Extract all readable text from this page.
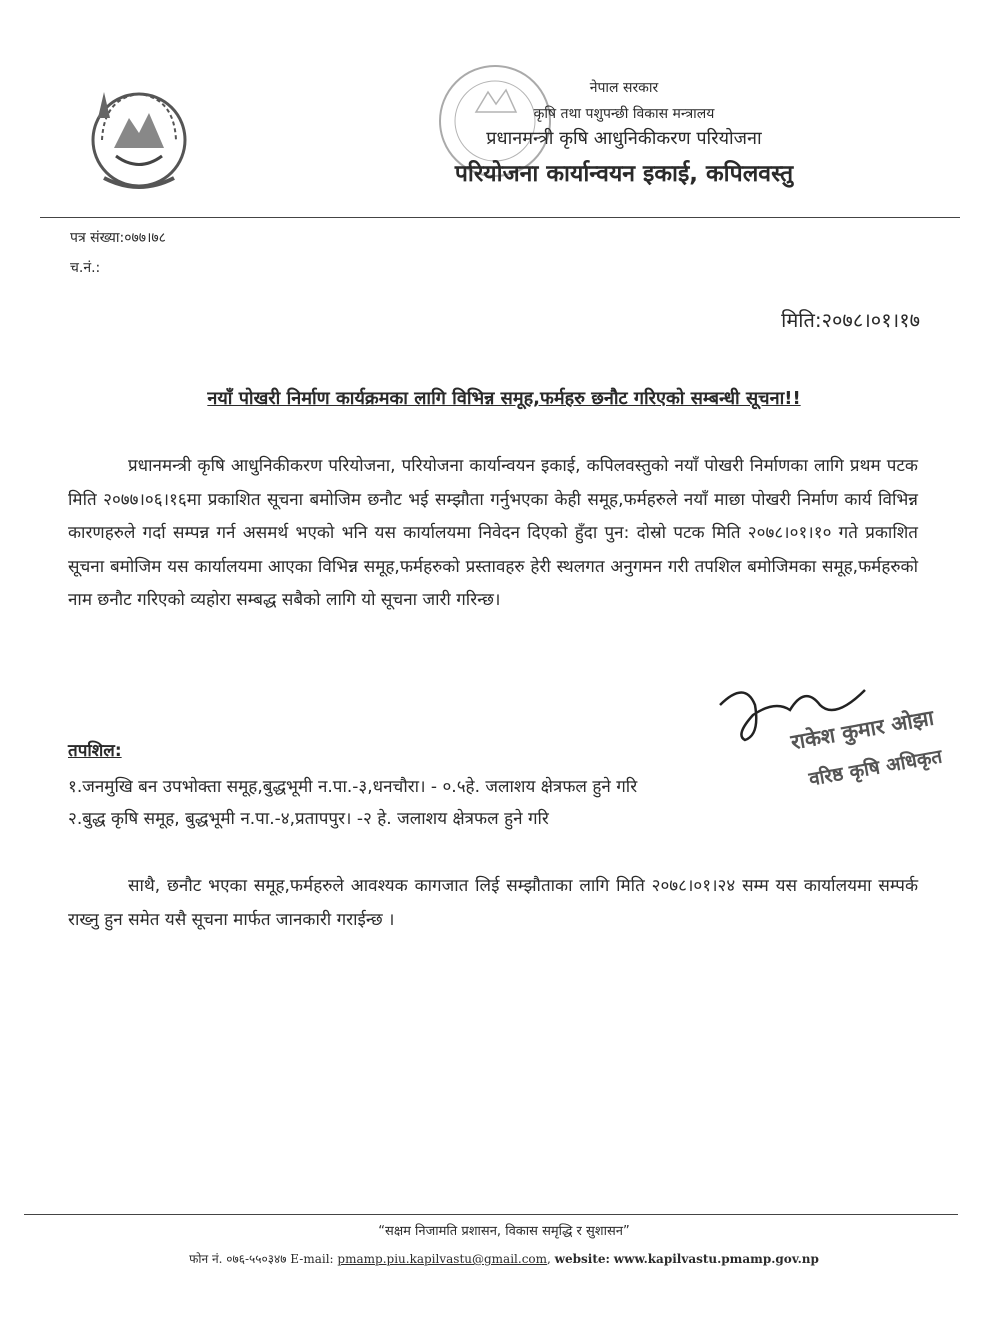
नेपाल सरकार
कृषि तथा पशुपन्छी विकास मन्त्रालय
प्रधानमन्त्री कृषि आधुनिकीकरण परियोजना
परियोजना कार्यान्वयन इकाई, कपिलवस्तु
पत्र संख्या:०७७।७८
च.नं.:
मिति:२०७८।०१।१७
नयाँ पोखरी निर्माण कार्यक्रमका लागि विभिन्न समूह,फर्महरु छनौट गरिएको सम्बन्धी सूचना!!
प्रधानमन्त्री कृषि आधुनिकीकरण परियोजना, परियोजना कार्यान्वयन इकाई, कपिलवस्तुको नयाँ पोखरी निर्माणका लागि प्रथम पटक मिति २०७७।०६।१६मा प्रकाशित सूचना बमोजिम छनौट भई सम्झौता गर्नुभएका केही समूह,फर्महरुले नयाँ माछा पोखरी निर्माण कार्य विभिन्न कारणहरुले गर्दा सम्पन्न गर्न असमर्थ भएको भनि यस कार्यालयमा निवेदन दिएको हुँदा पुन: दोस्रो पटक मिति २०७८।०१।१० गते प्रकाशित सूचना बमोजिम यस कार्यालयमा आएका विभिन्न समूह,फर्महरुको प्रस्तावहरु हेरी स्थलगत अनुगमन गरी तपशिल बमोजिमका समूह,फर्महरुको नाम छनौट गरिएको व्यहोरा सम्बद्ध सबैको लागि यो सूचना जारी गरिन्छ।
तपशिल:
१.जनमुखि बन उपभोक्ता समूह,बुद्धभूमी न.पा.-३,धनचौरा। - ०.५हे. जलाशय क्षेत्रफल हुने गरि
२.बुद्ध कृषि समूह, बुद्धभूमी न.पा.-४,प्रतापपुर। -२ हे. जलाशय क्षेत्रफल हुने गरि
साथै, छनौट भएका समूह,फर्महरुले आवश्यक कागजात लिई सम्झौताका लागि मिति २०७८।०१।२४ सम्म यस कार्यालयमा सम्पर्क राख्नु हुन समेत यसै सूचना मार्फत जानकारी गराईन्छ ।
राकेश कुमार ओझा
वरिष्ठ कृषि अधिकृत
“सक्षम निजामति प्रशासन, विकास समृद्धि र सुशासन”
फोन नं. ०७६-५५०३४७ E-mail: pmamp.piu.kapilvastu@gmail.com, website: www.kapilvastu.pmamp.gov.np
